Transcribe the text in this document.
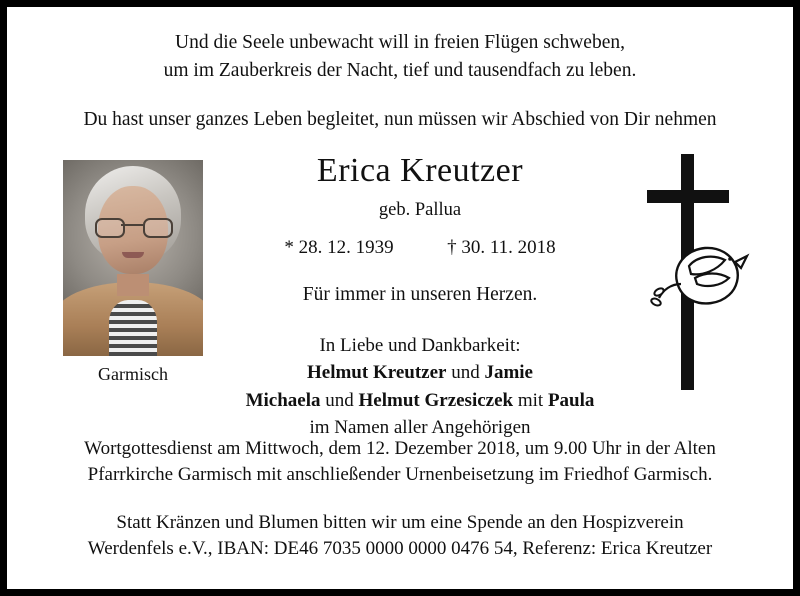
Und die Seele unbewacht will in freien Flügen schweben,
um im Zauberkreis der Nacht, tief und tausendfach zu leben.
Du hast unser ganzes Leben begleitet, nun müssen wir Abschied von Dir nehmen
Garmisch
Erica Kreutzer
geb. Pallua
* 28. 12. 1939	† 30. 11. 2018
Für immer in unseren Herzen.
In Liebe und Dankbarkeit:
Helmut Kreutzer und Jamie
Michaela und Helmut Grzesiczek mit Paula
im Namen aller Angehörigen
Wortgottesdienst am Mittwoch, dem 12. Dezember 2018, um 9.00 Uhr in der Alten
Pfarrkirche Garmisch mit anschließender Urnenbeisetzung im Friedhof Garmisch.
Statt Kränzen und Blumen bitten wir um eine Spende an den Hospizverein
Werdenfels e.V., IBAN: DE46 7035 0000 0000 0476 54, Referenz: Erica Kreutzer
